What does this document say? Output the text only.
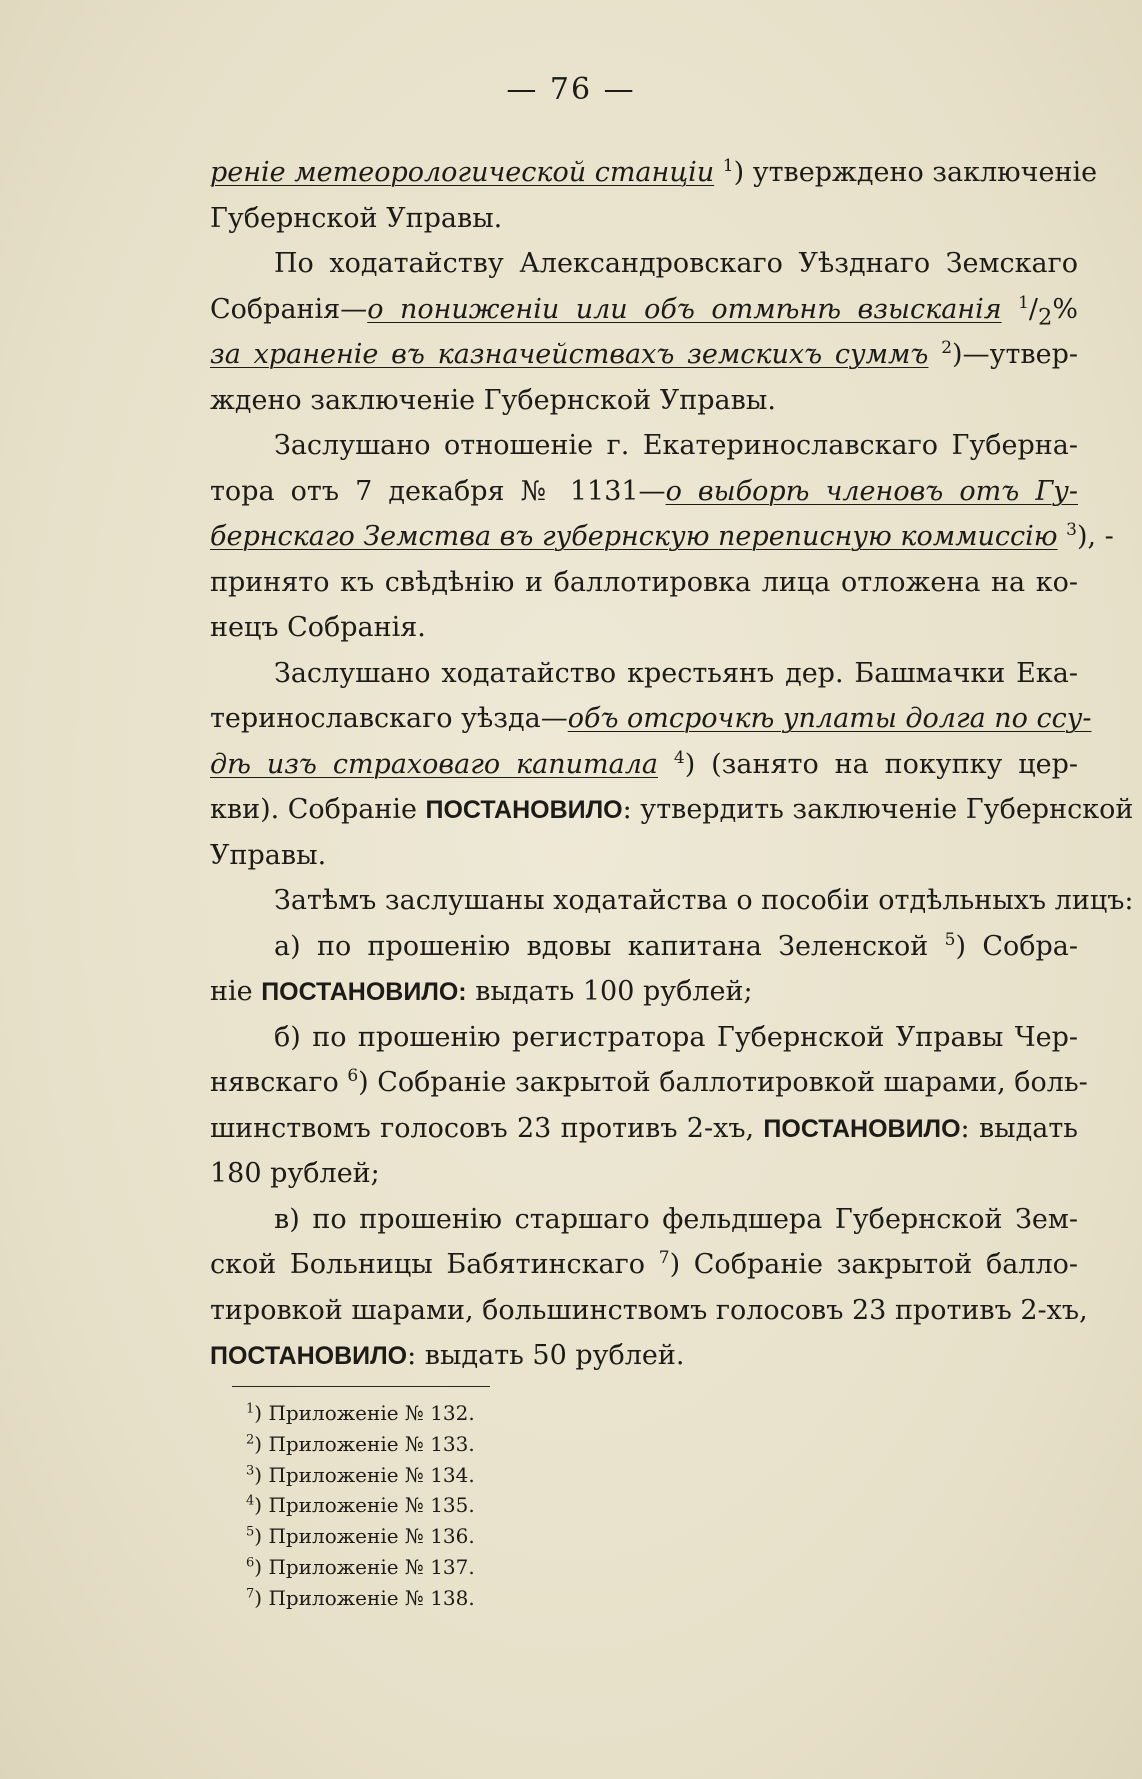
— 76 —
реніе метеорологической станціи $^1$) утверждено заключеніе
Губернской Управы.
По ходатайству Александровскаго Уѣзднаго Земскаго
Собранія—о пониженіи или объ отмѣнѣ взысканія $^1/_2\%$
за храненіе въ казначействахъ земскихъ суммъ $^2$)—утвер-
ждено заключеніе Губернской Управы.
Заслушано отношеніе г. Екатеринославскаго Губерна-
тора отъ 7 декабря № 1131—о выборѣ членовъ отъ Гу-
бернскаго Земства въ губернскую переписную коммиссію $^3$), -
принято къ свѣдѣнію и баллотировка лица отложена на ко-
нецъ Собранія.
Заслушано ходатайство крестьянъ дер. Башмачки Ека-
теринославскаго уѣзда—объ отсрочкѣ уплаты долга по ссу-
дѣ изъ страховаго капитала $^4$) (занято на покупку цер-
кви). Собраніе ПОСТАНОВИЛО: утвердить заключеніе Губернской
Управы.
Затѣмъ заслушаны ходатайства о пособіи отдѣльныхъ лицъ:
а) по прошенію вдовы капитана Зеленской $^5$) Собра-
ніе ПОСТАНОВИЛО: выдать 100 рублей;
б) по прошенію регистратора Губернской Управы Чер-
нявскаго $^6$) Собраніе закрытой баллотировкой шарами, боль-
шинствомъ голосовъ 23 противъ 2-хъ, ПОСТАНОВИЛО: выдать
180 рублей;
в) по прошенію старшаго фельдшера Губернской Зем-
ской Больницы Бабятинскаго $^7$) Собраніе закрытой балло-
тировкой шарами, большинствомъ голосовъ 23 противъ 2-хъ,
ПОСТАНОВИЛО: выдать 50 рублей.
$^1$) Приложеніе № 132.
$^2$) Приложеніе № 133.
$^3$) Приложеніе № 134.
$^4$) Приложеніе № 135.
$^5$) Приложеніе № 136.
$^6$) Приложеніе № 137.
$^7$) Приложеніе № 138.
